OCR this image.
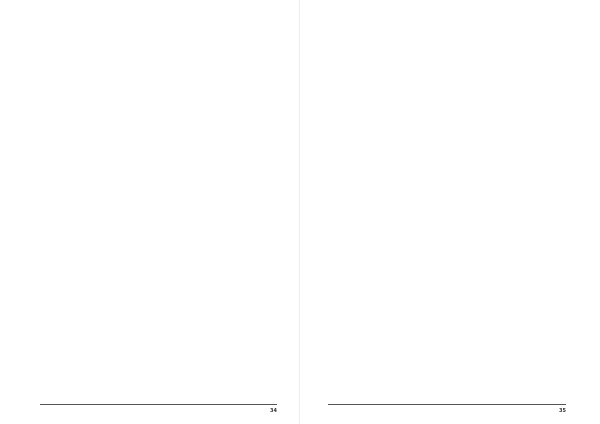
34	35
